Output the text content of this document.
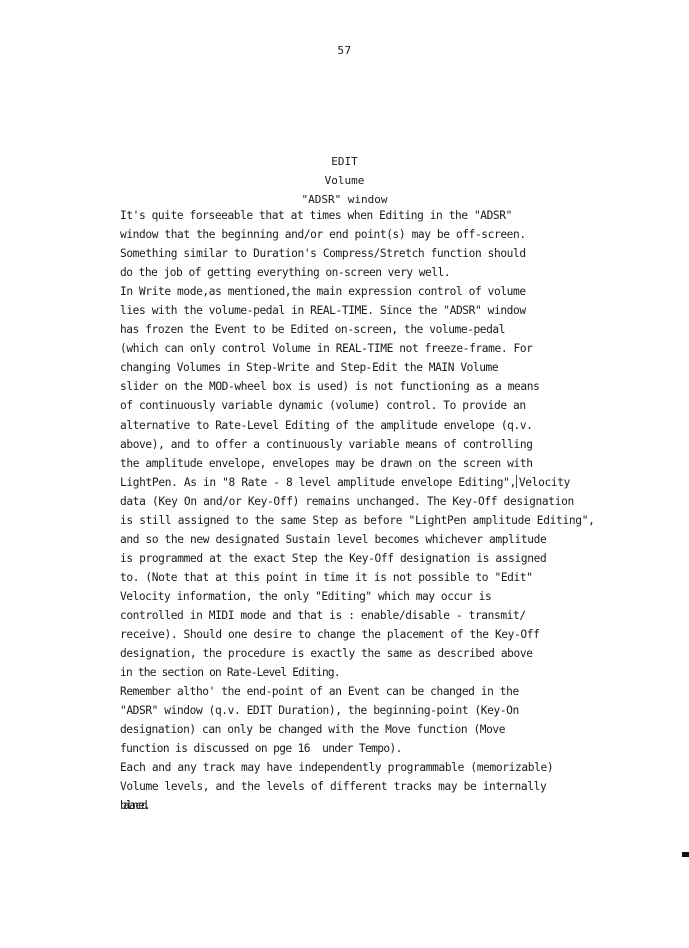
57
EDIT
Volume
"ADSR" window
It's quite forseeable that at times when Editing in the "ADSR"
window that the beginning and/or end point(s) may be off-screen.
Something similar to Duration's Compress/Stretch function should
do the job of getting everything on-screen very well.
In Write mode,as mentioned,the main expression control of volume
lies with the volume-pedal in REAL-TIME. Since the "ADSR" window
has frozen the Event to be Edited on-screen, the volume-pedal
(which can only control Volume in REAL-TIME not freeze-frame. For
changing Volumes in Step-Write and Step-Edit the MAIN Volume
slider on the MOD-wheel box is used) is not functioning as a means
of continuously variable dynamic (volume) control. To provide an
alternative to Rate-Level Editing of the amplitude envelope (q.v.
above), and to offer a continuously variable means of controlling
the amplitude envelope, envelopes may be drawn on the screen with
LightPen. As in "8 Rate - 8 level amplitude envelope Editing", Velocity
data (Key On and/or Key-Off) remains unchanged. The Key-Off designation
is still assigned to the same Step as before "LightPen amplitude Editing",
and so the new designated Sustain level becomes whichever amplitude
is programmed at the exact Step the Key-Off designation is assigned
to. (Note that at this point in time it is not possible to "Edit"
Velocity information, the only "Editing" which may occur is
controlled in MIDI mode and that is : enable/disable - transmit/
receive). Should one desire to change the placement of the Key-Off
designation, the procedure is exactly the same as described above
in the section on Rate-Level Editing.
Remember altho' the end-point of an Event can be changed in the
"ADSR" window (q.v. EDIT Duration), the beginning-point (Key-On
designation) can only be changed with the Move function (Move
function is discussed on pge 16  under Tempo).
Each and any track may have independently programmable (memorizable)
Volume levels, and the levels of different tracks may be internally
balanced.
